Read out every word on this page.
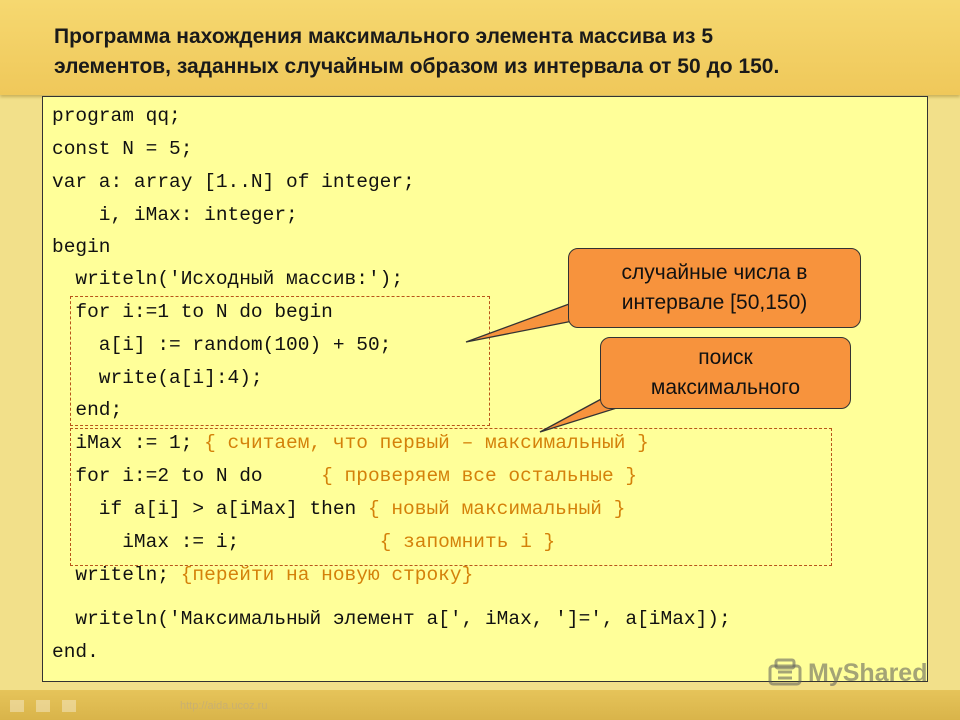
Программа нахождения максимального элемента массива из 5
элементов, заданных случайным образом из интервала от 50 до 150.
program qq;
const N = 5;
var a: array [1..N] of integer;
i, iMax: integer;
begin
writeln('Исходный массив:');
for i:=1 to N do begin
a[i] := random(100) + 50;
write(a[i]:4);
end;
iMax := 1; { считаем, что первый – максимальный }
for i:=2 to N do	{ проверяем все остальные }
if a[i] > a[iMax] then { новый максимальный }
iMax := i;	{ запомнить i }
writeln; {перейти на новую строку}
writeln('Максимальный элемент a[', iMax, ']=', a[iMax]);
end.
случайные числа в
интервале [50,150)
поиск
максимального
http://aida.ucoz.ru
MyShared
